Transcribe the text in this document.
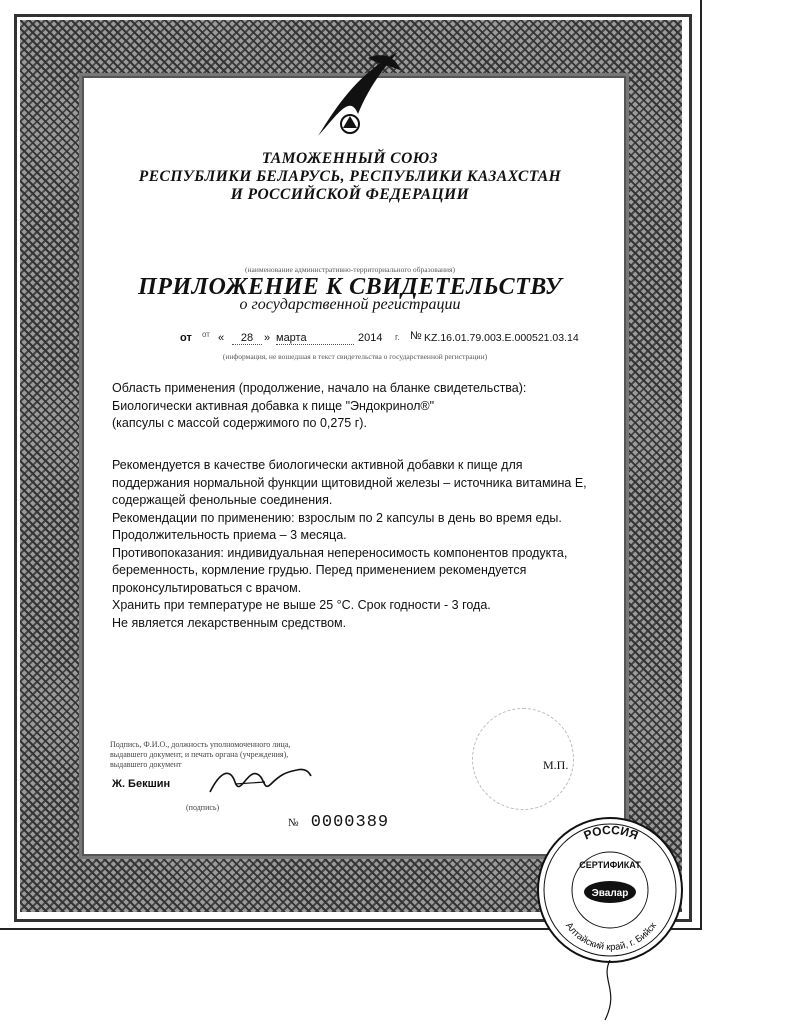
ТАМОЖЕННЫЙ СОЮЗ
РЕСПУБЛИКИ БЕЛАРУСЬ, РЕСПУБЛИКИ КАЗАХСТАН
И РОССИЙСКОЙ ФЕДЕРАЦИИ
(наименование административно-территориального образования)
ПРИЛОЖЕНИЕ К СВИДЕТЕЛЬСТВУ
о государственной регистрации
от от «	28 » марта	2014 г. № KZ.16.01.79.003.E.000521.03.14
(информация, не вошедшая в текст свидетельства о государственной регистрации)

Область применения (продолжение, начало на бланке свидетельства):

Биологически активная добавка к пище "Эндокринол®"

(капсулы с массой содержимого по 0,275 г).

Рекомендуется в качестве биологически активной добавки к пище для

поддержания нормальной функции щитовидной железы – источника витамина Е,

содержащей фенольные соединения.

Рекомендации по применению: взрослым по 2 капсулы в день во время еды.

Продолжительность приема – 3 месяца.

Противопоказания: индивидуальная непереносимость компонентов продукта,

беременность, кормление грудью. Перед применением рекомендуется

проконсультироваться с врачом.

Хранить при температуре не выше 25 °С. Срок годности - 3 года.

Не является лекарственным средством.

Подпись, Ф.И.О., должность уполномоченного лица,
выдавшего документ, и печать органа (учреждения),
выдавшего документ
Ж. Бекшин
(подпись)
М.П.
№ 0000389
РОССИЯ
СЕРТИФИКАТ
Эвалар
Алтайский край, г. Бийск
